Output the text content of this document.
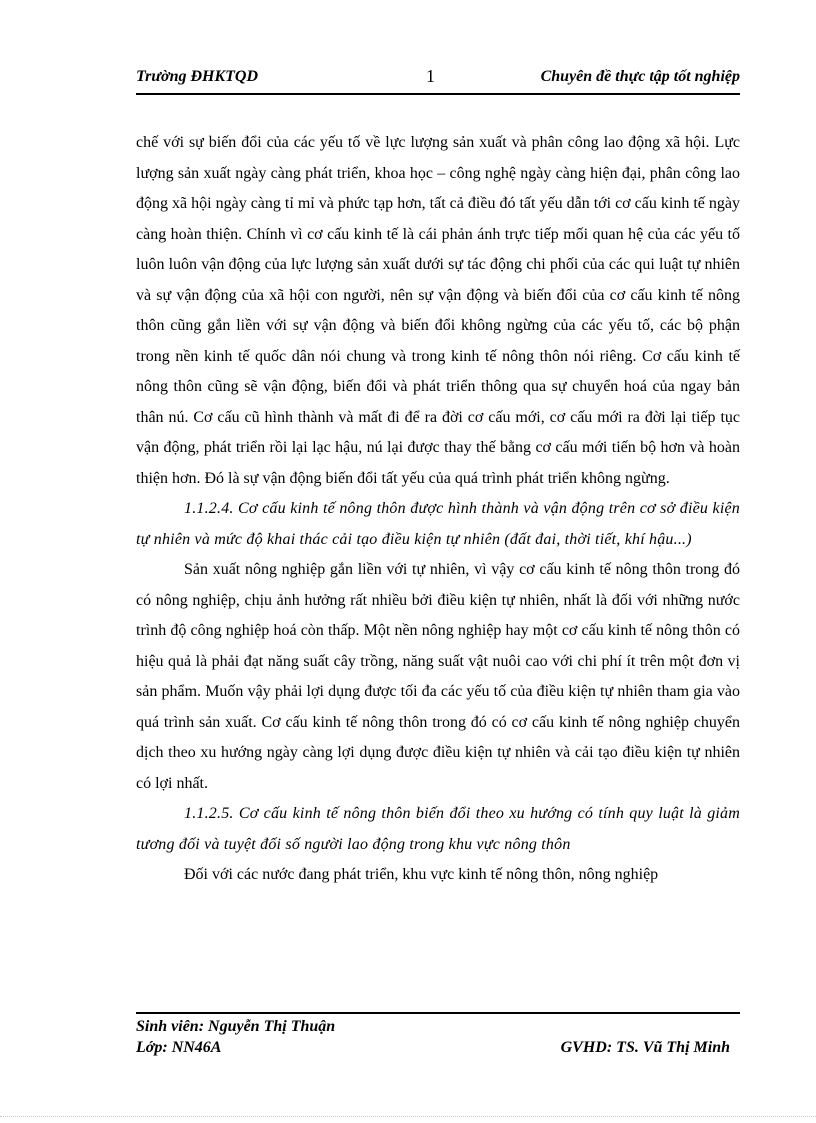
Trường ĐHKTQD	1	Chuyên đề thực tập tốt nghiệp

chế với sự biến đổi của các yếu tố về lực lượng sản xuất và phân công lao động xã hội. Lực lượng sản xuất ngày càng phát triển, khoa học – công nghệ ngày càng hiện đại, phân công lao động xã hội ngày càng tỉ mỉ và phức tạp hơn, tất cả điều đó tất yếu dẫn tới cơ cấu kinh tế ngày càng hoàn thiện. Chính vì cơ cấu kinh tế là cái phản ánh trực tiếp mối quan hệ của các yếu tố luôn luôn vận động của lực lượng sản xuất dưới sự tác động chi phối của các qui luật tự nhiên và sự vận động của xã hội con người, nên sự vận động và biến đổi của cơ cấu kinh tế nông thôn cũng gắn liền với sự vận động và biến đổi không ngừng của các yếu tố, các bộ phận trong nền kinh tế quốc dân nói chung và trong kinh tế nông thôn nói riêng. Cơ cấu kinh tế nông thôn cũng sẽ vận động, biến đổi và phát triển thông qua sự chuyển hoá của ngay bản thân nú. Cơ cấu cũ hình thành và mất đi để ra đời cơ cấu mới, cơ cấu mới ra đời lại tiếp tục vận động, phát triển rồi lại lạc hậu, nú lại được thay thế bằng cơ cấu mới tiến bộ hơn và hoàn thiện hơn. Đó là sự vận động biến đổi tất yếu của quá trình phát triển không ngừng.

1.1.2.4. Cơ cấu kinh tế nông thôn được hình thành và vận động trên cơ sở điều kiện tự nhiên và mức độ khai thác cải tạo điều kiện tự nhiên (đất đai, thời tiết, khí hậu...)

Sản xuất nông nghiệp gắn liền với tự nhiên, vì vậy cơ cấu kinh tế nông thôn trong đó có nông nghiệp, chịu ảnh hưởng rất nhiều bởi điều kiện tự nhiên, nhất là đối với những nước trình độ công nghiệp hoá còn thấp. Một nền nông nghiệp hay một cơ cấu kinh tế nông thôn có hiệu quả là phải đạt năng suất cây trồng, năng suất vật nuôi cao với chi phí ít trên một đơn vị sản phẩm. Muốn vậy phải lợi dụng được tối đa các yếu tố của điều kiện tự nhiên tham gia vào quá trình sản xuất. Cơ cấu kinh tế nông thôn trong đó có cơ cấu kinh tế nông nghiệp chuyển dịch theo xu hướng ngày càng lợi dụng được điều kiện tự nhiên và cải tạo điều kiện tự nhiên có lợi nhất.

1.1.2.5. Cơ cấu kinh tế nông thôn biến đổi theo xu hướng có tính quy luật là giảm tương đối và tuyệt đối số người lao động trong khu vực nông thôn

Đối với các nước đang phát triển, khu vực kinh tế nông thôn, nông nghiệp

Sinh viên: Nguyễn Thị Thuận
Lớp: NN46A	GVHD: TS. Vũ Thị Minh
